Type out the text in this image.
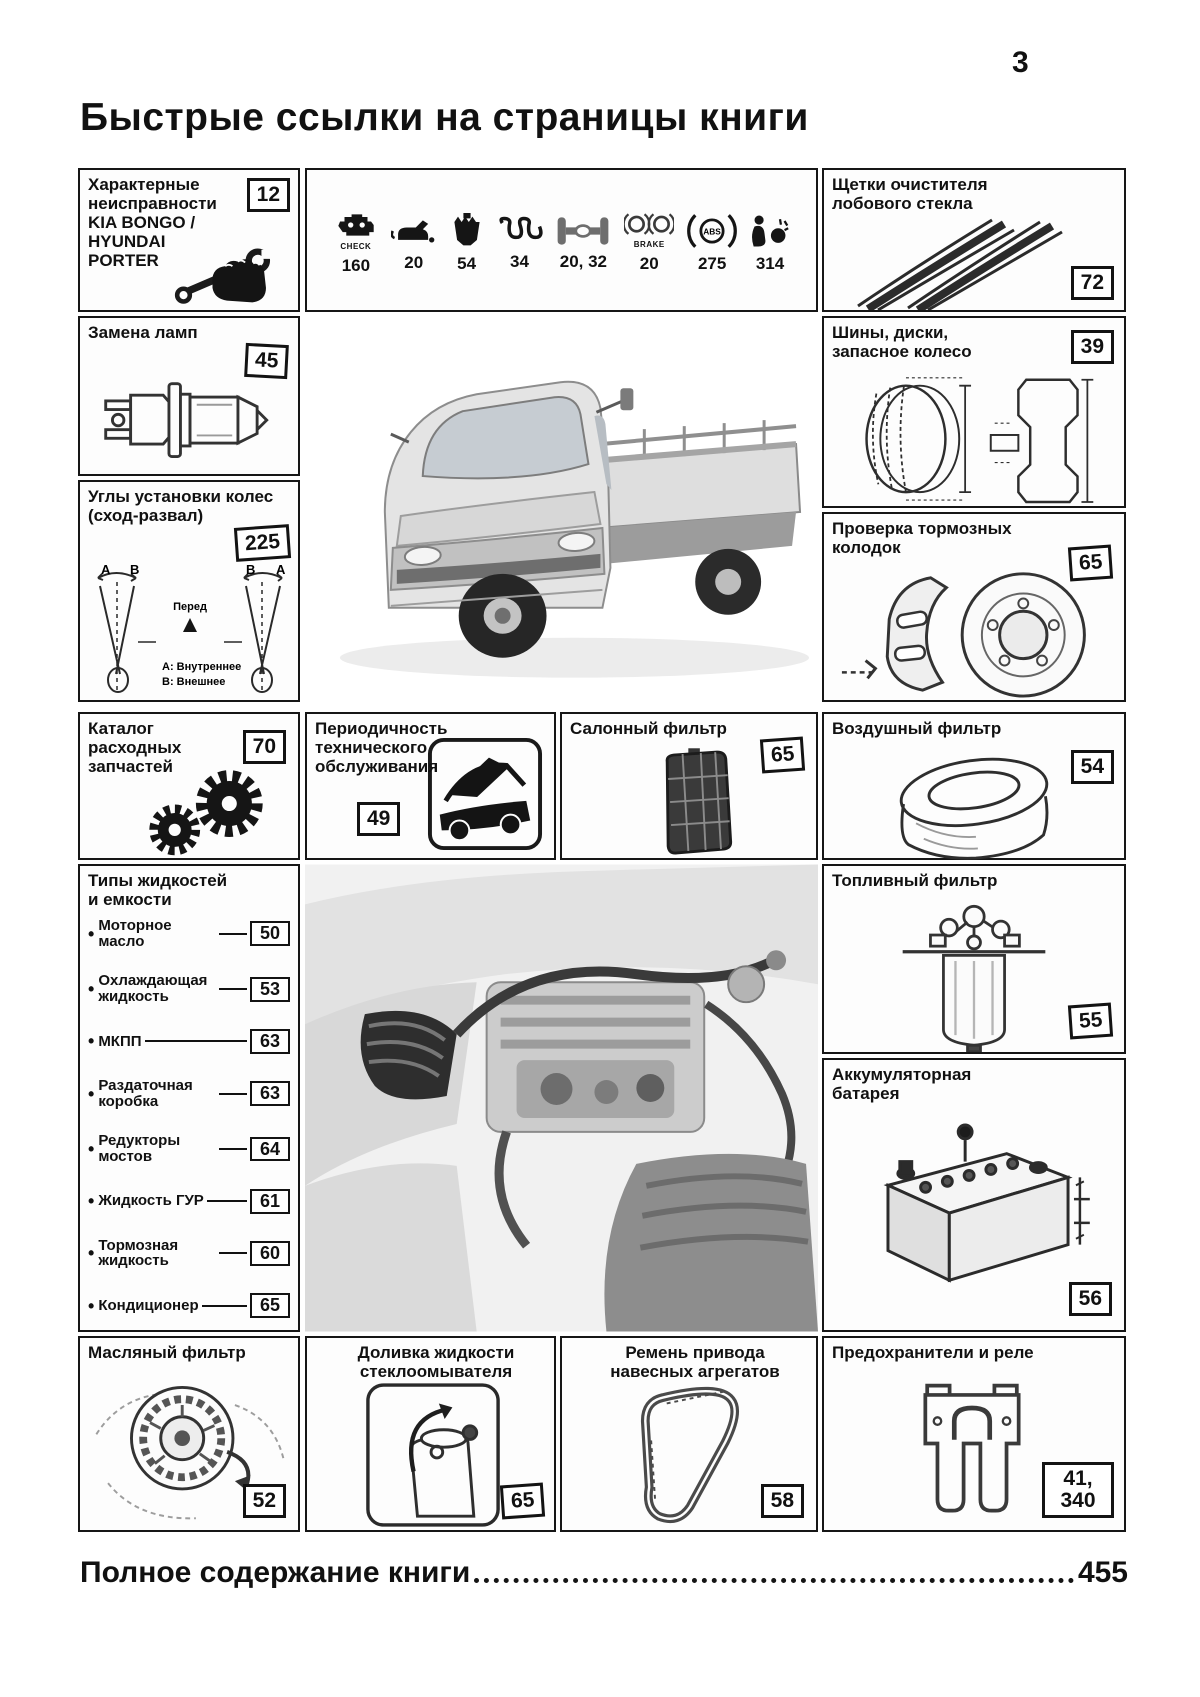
3
Быстрые ссылки на страницы книги
Характерные неисправности
KIA BONGO / HYUNDAI PORTER
12
CHECK
160 20 54 34 20, 32
BRAKE
20
ABS
275 314
Щетки очистителя лобового стекла
72
Замена ламп
45
Углы установки колес (сход-развал)
225
A B	B A
Перед
А: Внутреннее
В: Внешнее
Шины, диски, запасное колесо	39
Проверка тормозных колодок
65
Каталог расходных запчастей
70
Периодичность технического обслуживания
49
Салонный фильтр
65
Воздушный фильтр
54
Типы жидкостей и емкости
• Моторное масло	50
• Охлаждающая жидкость	53
• МКПП	63
• Раздаточная коробка	63
• Редукторы мостов	64
• Жидкость ГУР	61
• Тормозная жидкость	60
• Кондиционер	65
Топливный фильтр
55
Аккумуляторная батарея
56
Масляный фильтр
52
Доливка жидкости стеклоомывателя
65
Ремень привода навесных агрегатов
58
Предохранители и реле
41, 340
Полное содержание книги	455
